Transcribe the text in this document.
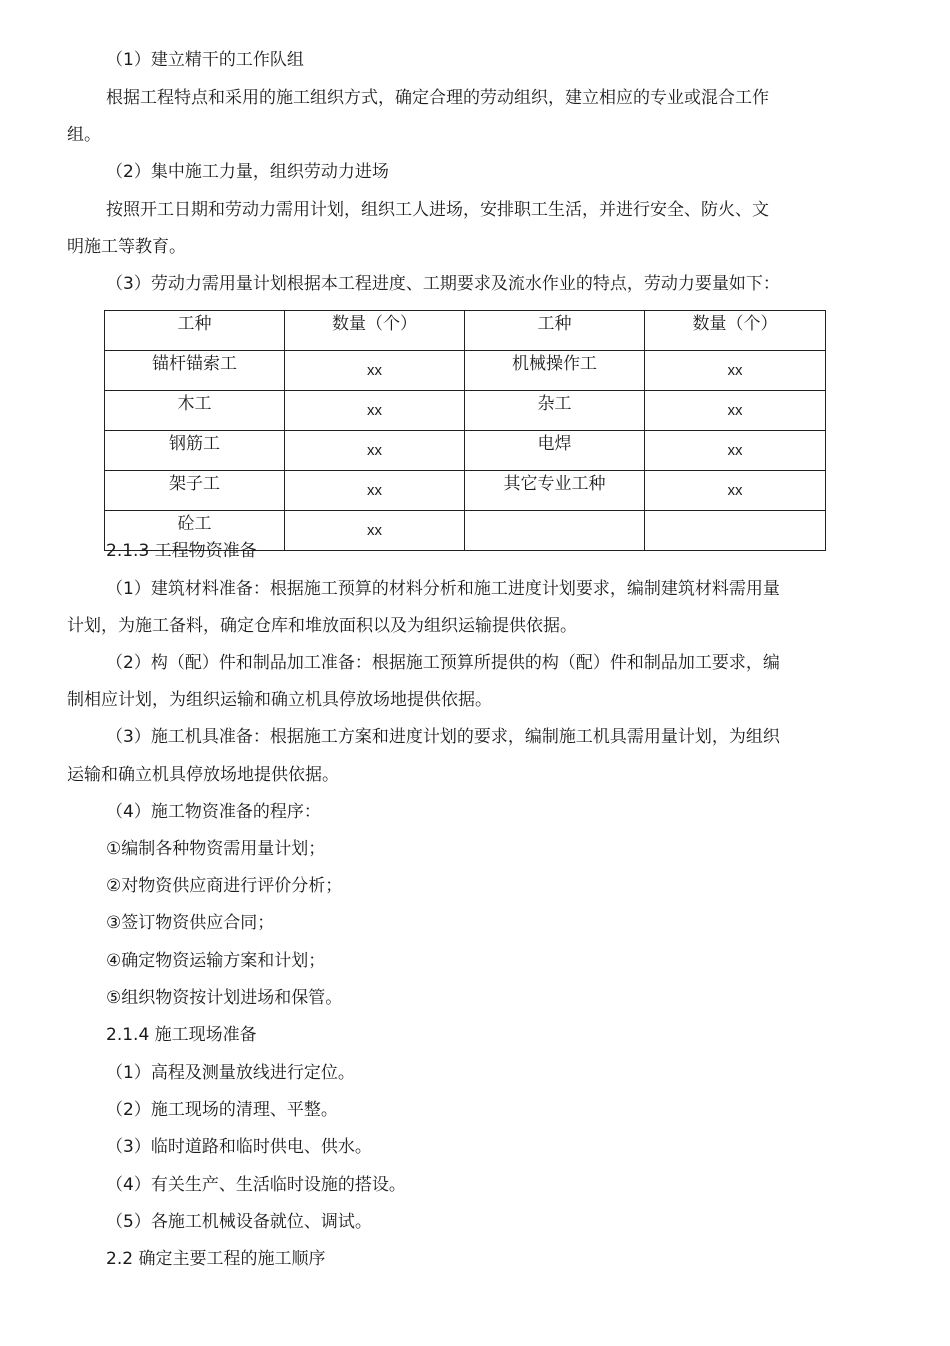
（1）建立精干的工作队组
根据工程特点和采用的施工组织方式，确定合理的劳动组织，建立相应的专业或混合工作
组。
（2）集中施工力量，组织劳动力进场
按照开工日期和劳动力需用计划，组织工人进场，安排职工生活，并进行安全、防火、文
明施工等教育。
（3）劳动力需用量计划根据本工程进度、工期要求及流水作业的特点，劳动力要量如下：
工种	数量（个）	工种	数量（个）
锚杆锚索工	xx	机械操作工	xx
木工	xx	杂工	xx
钢筋工	xx	电焊	xx
架子工	xx	其它专业工种	xx
砼工	xx		
2.1.3 工程物资准备
（1）建筑材料准备：根据施工预算的材料分析和施工进度计划要求，编制建筑材料需用量
计划，为施工备料，确定仓库和堆放面积以及为组织运输提供依据。
（2）构（配）件和制品加工准备：根据施工预算所提供的构（配）件和制品加工要求，编
制相应计划，为组织运输和确立机具停放场地提供依据。
（3）施工机具准备：根据施工方案和进度计划的要求，编制施工机具需用量计划，为组织
运输和确立机具停放场地提供依据。
（4）施工物资准备的程序：
①编制各种物资需用量计划；
②对物资供应商进行评价分析；
③签订物资供应合同；
④确定物资运输方案和计划；
⑤组织物资按计划进场和保管。
2.1.4 施工现场准备
（1）高程及测量放线进行定位。
（2）施工现场的清理、平整。
（3）临时道路和临时供电、供水。
（4）有关生产、生活临时设施的搭设。
（5）各施工机械设备就位、调试。
2.2 确定主要工程的施工顺序
